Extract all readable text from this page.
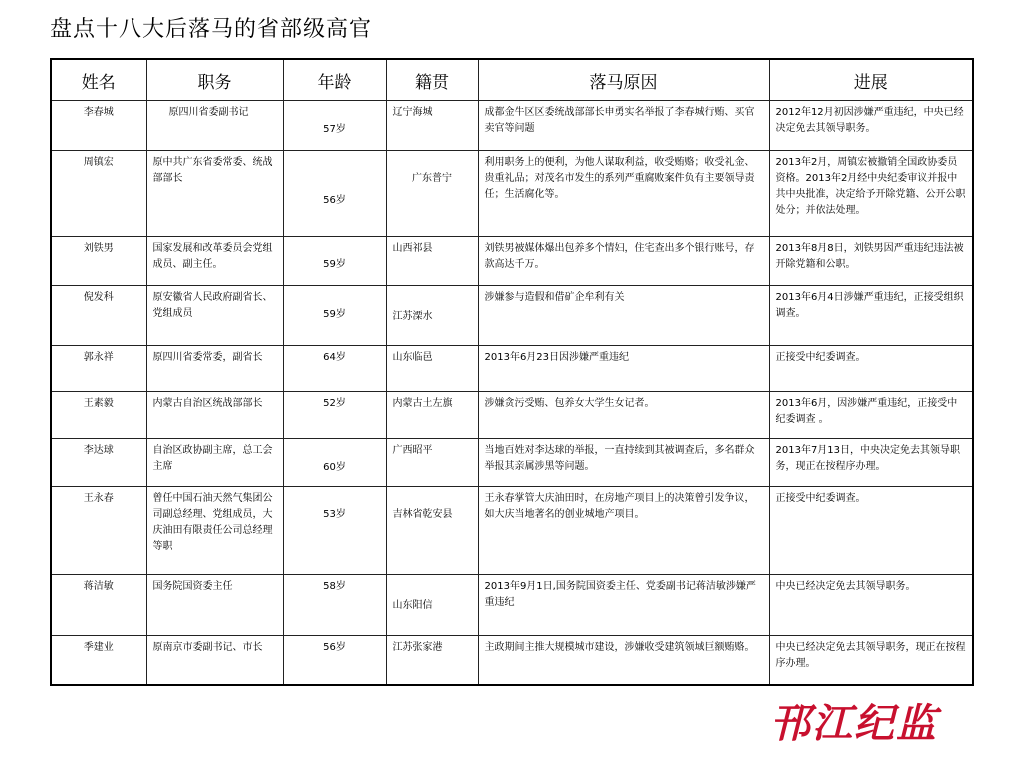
盘点十八大后落马的省部级高官
姓名	职务	年龄	籍贯	落马原因	进展

李春城	原四川省委副书记	57岁	辽宁海城	成都金牛区区委统战部部长申勇实名举报了李春城行贿、买官卖官等问题	2012年12月初因涉嫌严重违纪，中央已经决定免去其领导职务。

周镇宏	原中共广东省委常委、统战部部长	56岁	广东普宁	利用职务上的便利，为他人谋取利益，收受贿赂；收受礼金、贵重礼品；对茂名市发生的系列严重腐败案件负有主要领导责任；生活腐化等。	2013年2月，周镇宏被撤销全国政协委员资格。2013年2月经中央纪委审议并报中共中央批准，决定给予开除党籍、公开公职处分；并依法处理。

刘铁男	国家发展和改革委员会党组成员、副主任。	59岁	山西祁县	刘铁男被媒体爆出包养多个情妇，住宅查出多个银行账号，存款高达千万。	2013年8月8日，刘铁男因严重违纪违法被开除党籍和公职。

倪发科	原安徽省人民政府副省长、党组成员	59岁	江苏溧水	涉嫌参与造假和借矿企牟利有关	2013年6月4日涉嫌严重违纪，正接受组织调查。

郭永祥	原四川省委常委，副省长	64岁	山东临邑	2013年6月23日因涉嫌严重违纪	正接受中纪委调查。

王素毅	内蒙古自治区统战部部长	52岁	内蒙古土左旗	涉嫌贪污受贿、包养女大学生女记者。	2013年6月，因涉嫌严重违纪，正接受中纪委调查 。

李达球	自治区政协副主席，总工会主席	60岁	广西昭平	当地百姓对李达球的举报，一直持续到其被调查后，多名群众举报其亲属涉黑等问题。	2013年7月13日，中央决定免去其领导职务，现正在按程序办理。

王永春	曾任中国石油天然气集团公司副总经理、党组成员，大庆油田有限责任公司总经理等职	53岁	吉林省乾安县	王永春掌管大庆油田时，在房地产项目上的决策曾引发争议，如大庆当地著名的创业城地产项目。	正接受中纪委调查。

蒋洁敏	国务院国资委主任	58岁	山东阳信	2013年9月1日,国务院国资委主任、党委副书记蒋洁敏涉嫌严重违纪	中央已经决定免去其领导职务。

季建业	原南京市委副书记、市长	56岁	江苏张家港	主政期间主推大规模城市建设，涉嫌收受建筑领域巨额贿赂。	中央已经决定免去其领导职务，现正在按程序办理。
邗江纪监
